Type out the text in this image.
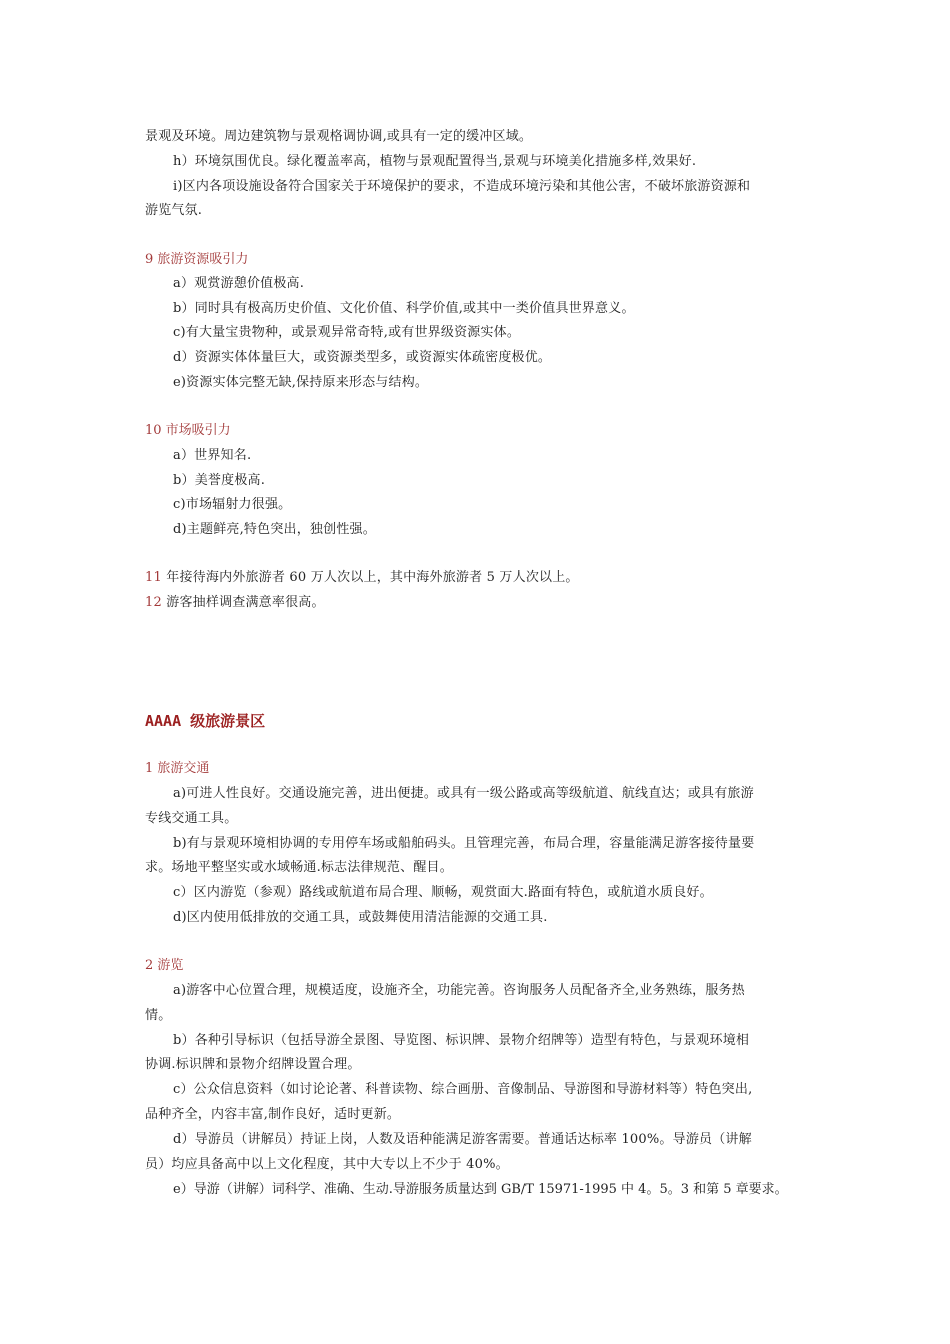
景观及环境。周边建筑物与景观格调协调,或具有一定的缓冲区域。
h）环境氛围优良。绿化覆盖率高，植物与景观配置得当,景观与环境美化措施多样,效果好.
i)区内各项设施设备符合国家关于环境保护的要求，不造成环境污染和其他公害，不破坏旅游资源和
游览气氛.
9 旅游资源吸引力
a）观赏游憩价值极高.
b）同时具有极高历史价值、文化价值、科学价值,或其中一类价值具世界意义。
c)有大量宝贵物种，或景观异常奇特,或有世界级资源实体。
d）资源实体体量巨大，或资源类型多，或资源实体疏密度极优。
e)资源实体完整无缺,保持原来形态与结构。
10 市场吸引力
a）世界知名.
b）美誉度极高.
c)市场辐射力很强。
d)主题鲜亮,特色突出，独创性强。
11 年接待海内外旅游者 60 万人次以上，其中海外旅游者 5 万人次以上。
12 游客抽样调查满意率很高。
AAAA 级旅游景区
1 旅游交通
a)可进人性良好。交通设施完善，进出便捷。或具有一级公路或高等级航道、航线直达；或具有旅游
专线交通工具。
b)有与景观环境相协调的专用停车场或船舶码头。且管理完善，布局合理，容量能满足游客接待量要
求。场地平整坚实或水域畅通.标志法律规范、醒目。
c）区内游览（参观）路线或航道布局合理、顺畅，观赏面大.路面有特色，或航道水质良好。
d)区内使用低排放的交通工具，或鼓舞使用清洁能源的交通工具.
2 游览
a)游客中心位置合理，规模适度，设施齐全，功能完善。咨询服务人员配备齐全,业务熟练，服务热
情。
b）各种引导标识（包括导游全景图、导览图、标识牌、景物介绍牌等）造型有特色，与景观环境相
协调.标识牌和景物介绍牌设置合理。
c）公众信息资料（如讨论论著、科普读物、综合画册、音像制品、导游图和导游材料等）特色突出,
品种齐全，内容丰富,制作良好，适时更新。
d）导游员（讲解员）持证上岗，人数及语种能满足游客需要。普通话达标率 100%。导游员（讲解
员）均应具备高中以上文化程度，其中大专以上不少于 40%。
e）导游（讲解）词科学、准确、生动.导游服务质量达到 GB/T 15971-1995 中 4。5。3 和第 5 章要求。
